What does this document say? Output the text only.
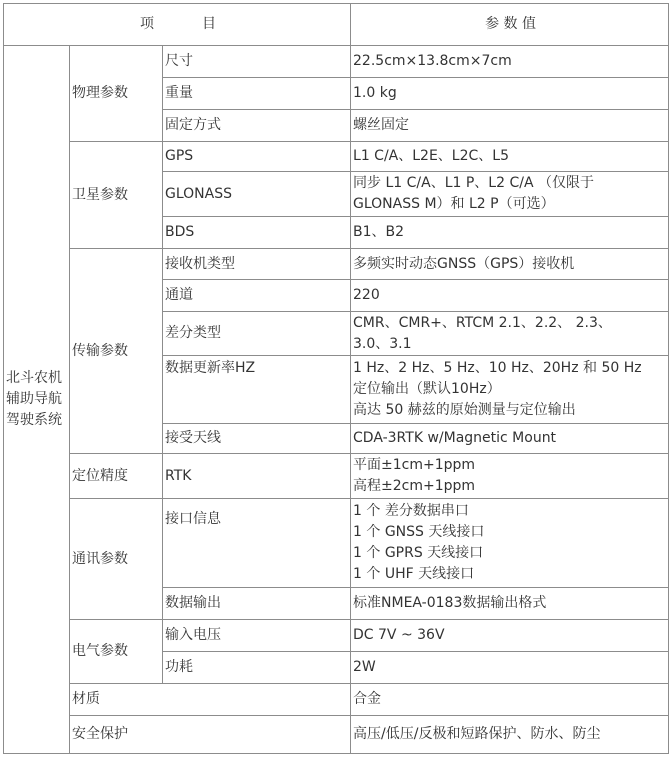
项 目			参 数 值
北斗农机辅助导航驾驶系统	物理参数	尺寸	22.5cm×13.8cm×7cm
		重量	1.0 kg
		固定方式	螺丝固定
	卫星参数	GPS	L1 C/A、L2E、L2C、L5
		GLONASS	同步 L1 C/A、L1 P、L2 C/A （仅限于
GLONASS M）和 L2 P（可选）

		BDS	B1、B2
	传输参数	接收机类型	多频实时动态GNSS（GPS）接收机
		通道	220
		差分类型	CMR、CMR+、RTCM 2.1、2.2、 2.3、
3.0、3.1

		数据更新率HZ	1 Hz、2 Hz、5 Hz、10 Hz、20Hz 和 50 Hz
定位输出（默认10Hz）
高达 50 赫兹的原始测量与定位输出

		接受天线	CDA-3RTK w/Magnetic Mount
	定位精度	RTK	平面±1cm+1ppm
高程±2cm+1ppm

	通讯参数	接口信息	1 个 差分数据串口
1 个 GNSS 天线接口
1 个 GPRS 天线接口
1 个 UHF 天线接口

		数据输出	标准NMEA-0183数据输出格式
	电气参数	输入电压	DC 7V ~ 36V
		功耗	2W
	材质		合金
	安全保护		高压/低压/反极和短路保护、防水、防尘
